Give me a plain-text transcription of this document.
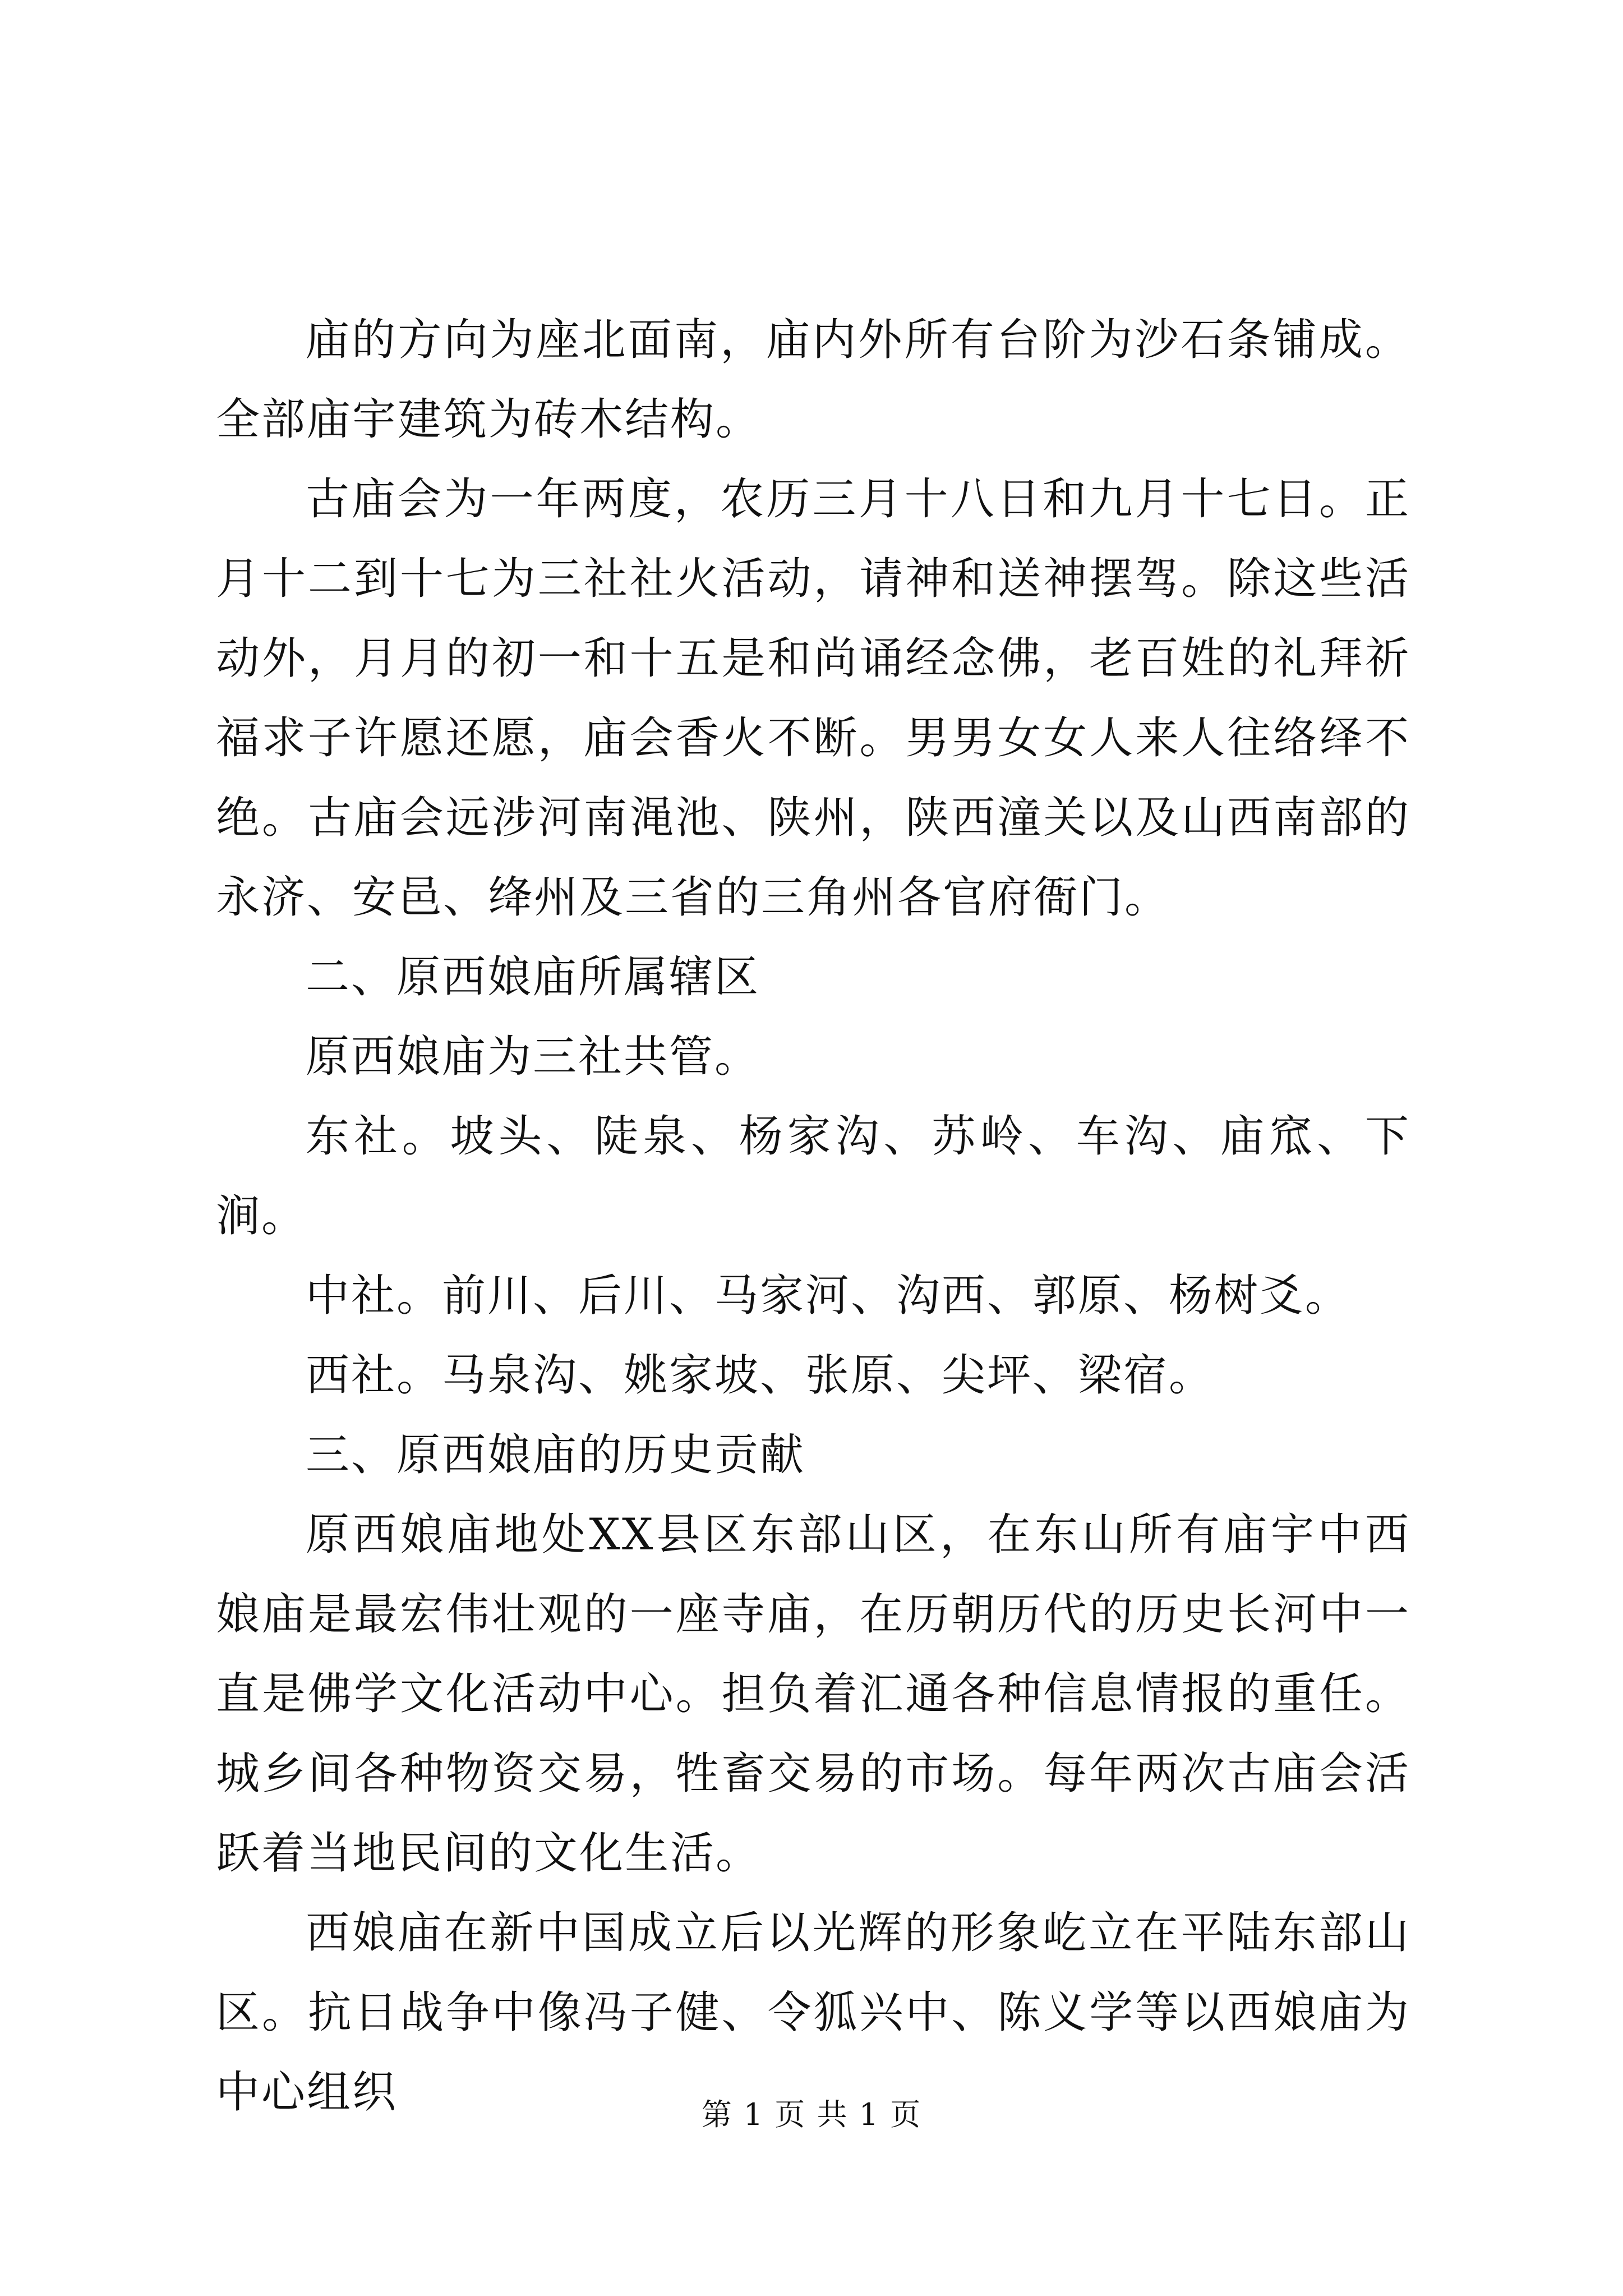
庙的方向为座北面南，庙内外所有台阶为沙石条铺成。全部庙宇建筑为砖木结构。

古庙会为一年两度，农历三月十八日和九月十七日。正月十二到十七为三社社火活动，请神和送神摆驾。除这些活动外，月月的初一和十五是和尚诵经念佛，老百姓的礼拜祈福求子许愿还愿，庙会香火不断。男男女女人来人往络绎不绝。古庙会远涉河南渑池、陕州，陕西潼关以及山西南部的永济、安邑、绛州及三省的三角州各官府衙门。

二、原西娘庙所属辖区

原西娘庙为三社共管。

东社。坡头、陡泉、杨家沟、苏岭、车沟、庙窊、下涧。

中社。前川、后川、马家河、沟西、郭原、杨树爻。

西社。马泉沟、姚家坡、张原、尖坪、梁宿。

三、原西娘庙的历史贡献

原西娘庙地处XX县区东部山区，在东山所有庙宇中西娘庙是最宏伟壮观的一座寺庙，在历朝历代的历史长河中一直是佛学文化活动中心。担负着汇通各种信息情报的重任。城乡间各种物资交易，牲畜交易的市场。每年两次古庙会活跃着当地民间的文化生活。

西娘庙在新中国成立后以光辉的形象屹立在平陆东部山区。抗日战争中像冯子健、令狐兴中、陈义学等以西娘庙为中心组织	第 1 页 共 1 页
